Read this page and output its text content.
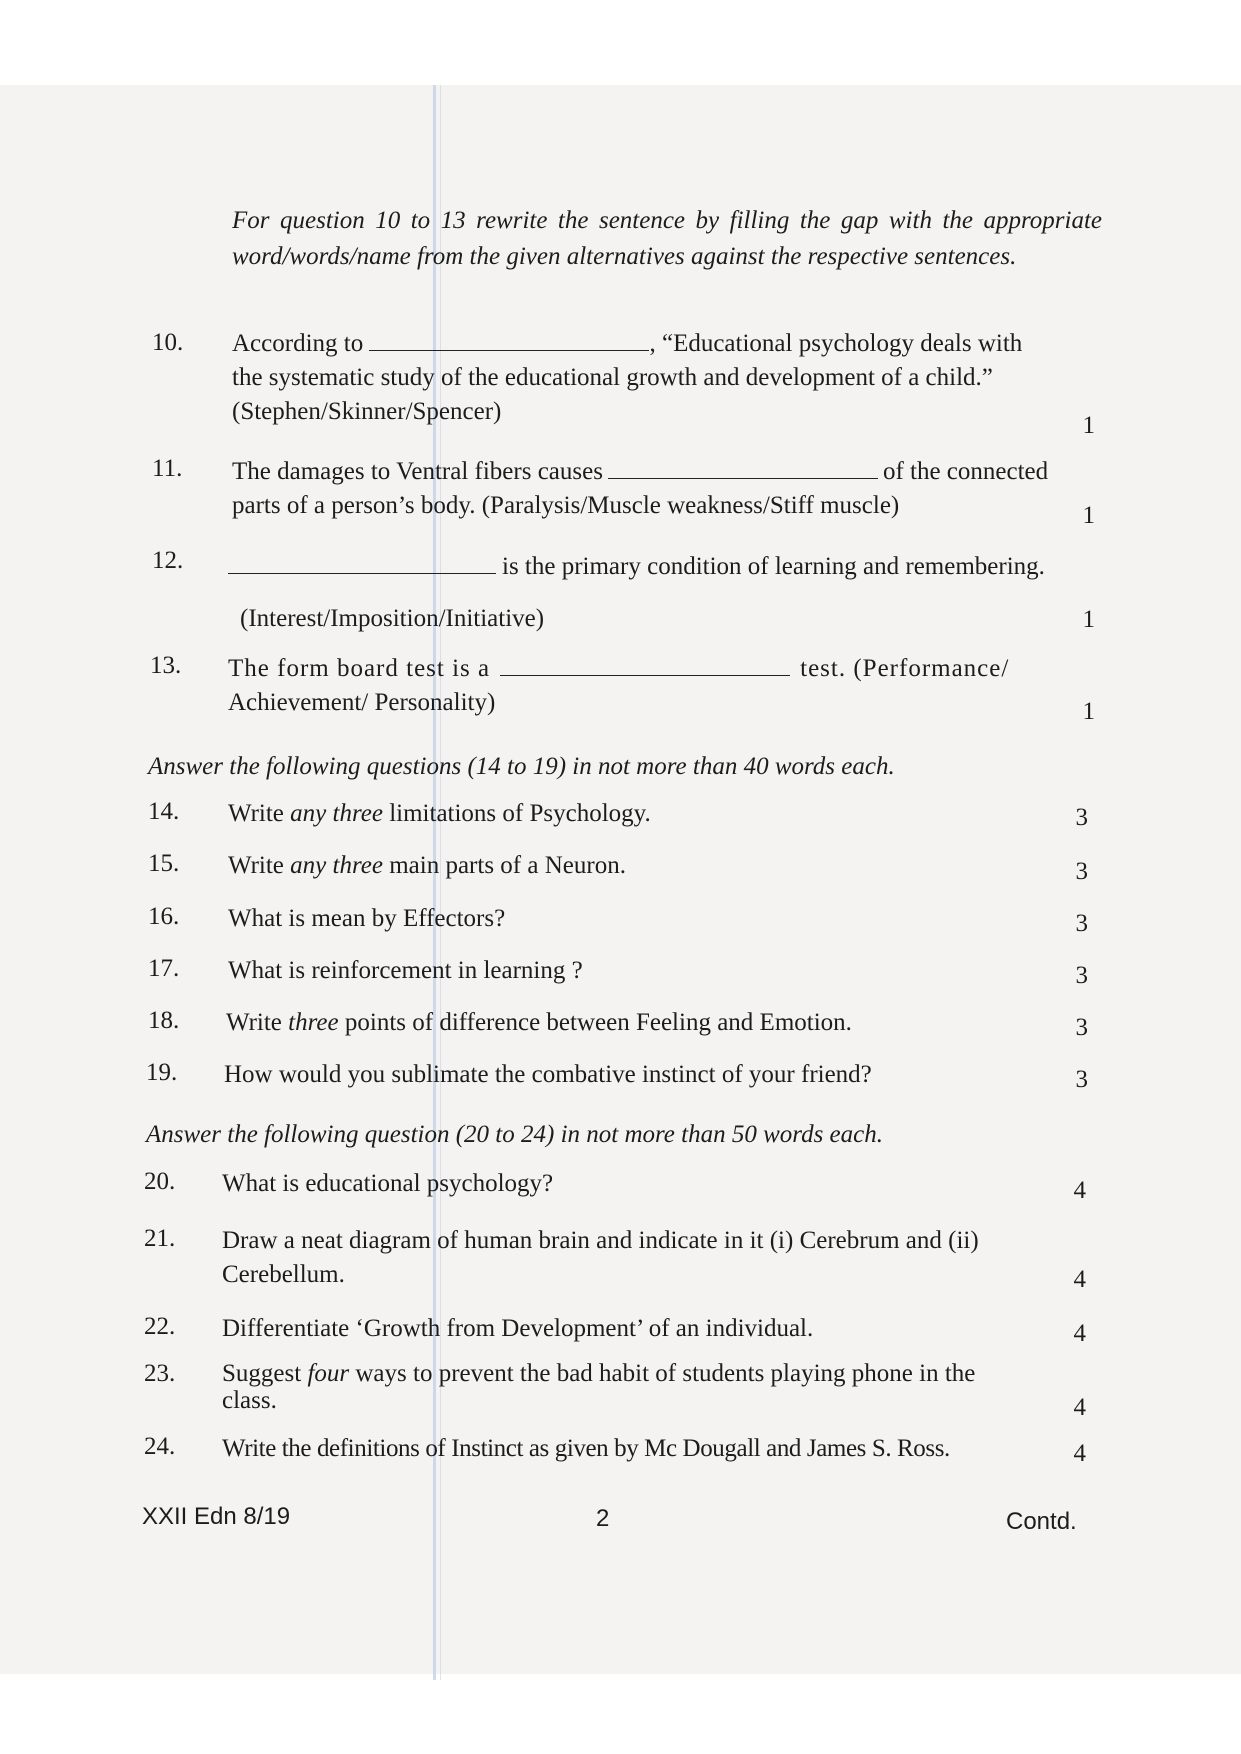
For question 10 to 13 rewrite the sentence by filling the gap with the appropriate word/words/name from the given alternatives against the respective sentences.
10. According to	, “Educational psychology deals with
the systematic study of the educational growth and development of a child.”
(Stephen/Skinner/Spencer)
1
11. The damages to Ventral fibers causes	of the connected
parts of a person’s body. (Paralysis/Muscle weakness/Stiff muscle)	1
12.	is the primary condition of learning and remembering.
(Interest/Imposition/Initiative)	1
13. The form board test is a	test. (Performance/
Achievement/ Personality)	1
Answer the following questions (14 to 19) in not more than 40 words each.
14. Write any three limitations of Psychology.	3
15. Write any three main parts of a Neuron.	3
16. What is mean by Effectors?	3
17. What is reinforcement in learning ?	3
18. Write three points of difference between Feeling and Emotion.	3
19. How would you sublimate the combative instinct of your friend?	3
Answer the following question (20 to 24) in not more than 50 words each.
20. What is educational psychology?	4
21. Draw a neat diagram of human brain and indicate in it (i) Cerebrum and (ii)
Cerebellum.	4
22. Differentiate ‘Growth from Development’ of an individual.	4
23. Suggest four ways to prevent the bad habit of students playing phone in the
class.	4
24. Write the definitions of Instinct as given by Mc Dougall and James S. Ross.	4
XXII Edn 8/19	2	Contd.
